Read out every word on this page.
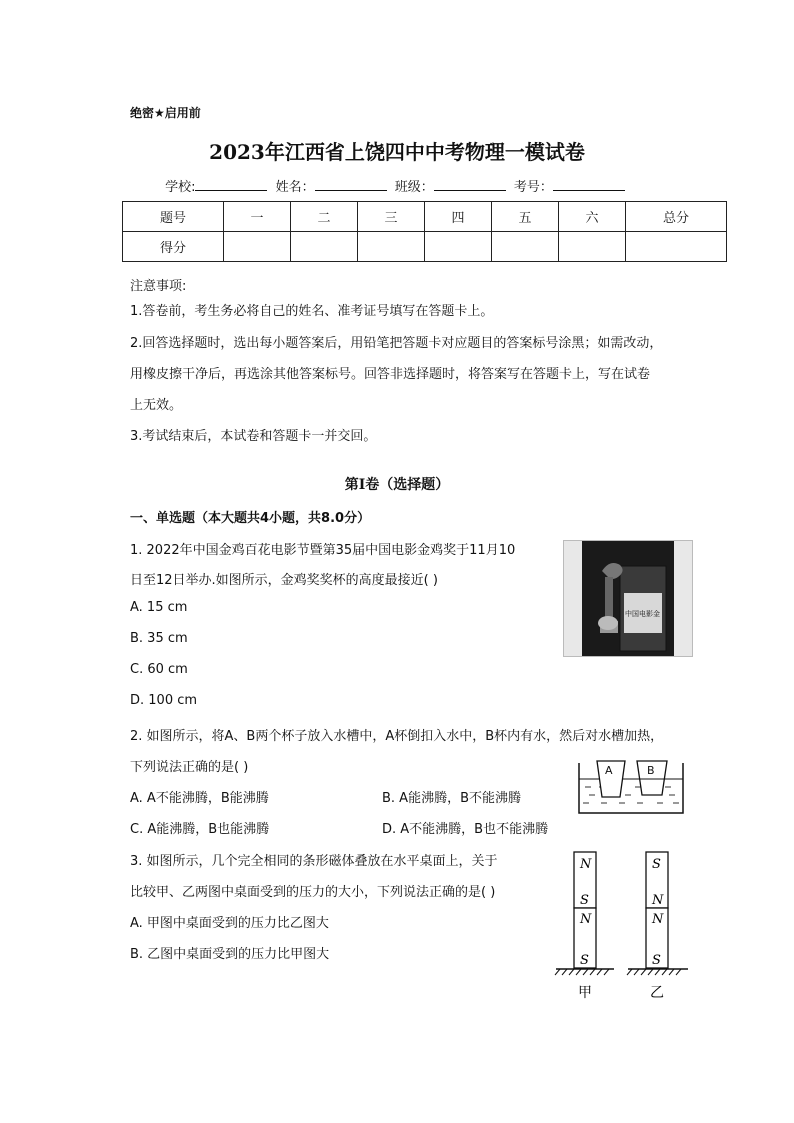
绝密★启用前
2023年江西省上饶四中中考物理一模试卷
学校:	姓名：	班级：	考号：
题号	一	二	三	四	五	六	总分
得分							
注意事项:
1.答卷前，考生务必将自己的姓名、准考证号填写在答题卡上。
2.回答选择题时，选出每小题答案后，用铅笔把答题卡对应题目的答案标号涂黑；如需改动，
用橡皮擦干净后，再选涂其他答案标号。回答非选择题时，将答案写在答题卡上，写在试卷
上无效。
3.考试结束后，本试卷和答题卡一并交回。
第Ⅰ卷（选择题）
一、单选题（本大题共4小题，共8.0分）
1. 2022年中国金鸡百花电影节暨第35届中国电影金鸡奖于11月10
日至12日举办.如图所示，金鸡奖奖杯的高度最接近( )
A. 15 cm
B. 35 cm
C. 60 cm
D. 100 cm
中国电影金
2. 如图所示，将A、B两个杯子放入水槽中，A杯倒扣入水中，B杯内有水，然后对水槽加热，
下列说法正确的是( )
A. A不能沸腾，B能沸腾	B. A能沸腾，B不能沸腾
C. A能沸腾，B也能沸腾	D. A不能沸腾，B也不能沸腾
A	B
3. 如图所示，几个完全相同的条形磁体叠放在水平桌面上，关于
比较甲、乙两图中桌面受到的压力的大小，下列说法正确的是( )
A. 甲图中桌面受到的压力比乙图大
B. 乙图中桌面受到的压力比甲图大
N
S
N
S
甲
S
N
N
S
乙
